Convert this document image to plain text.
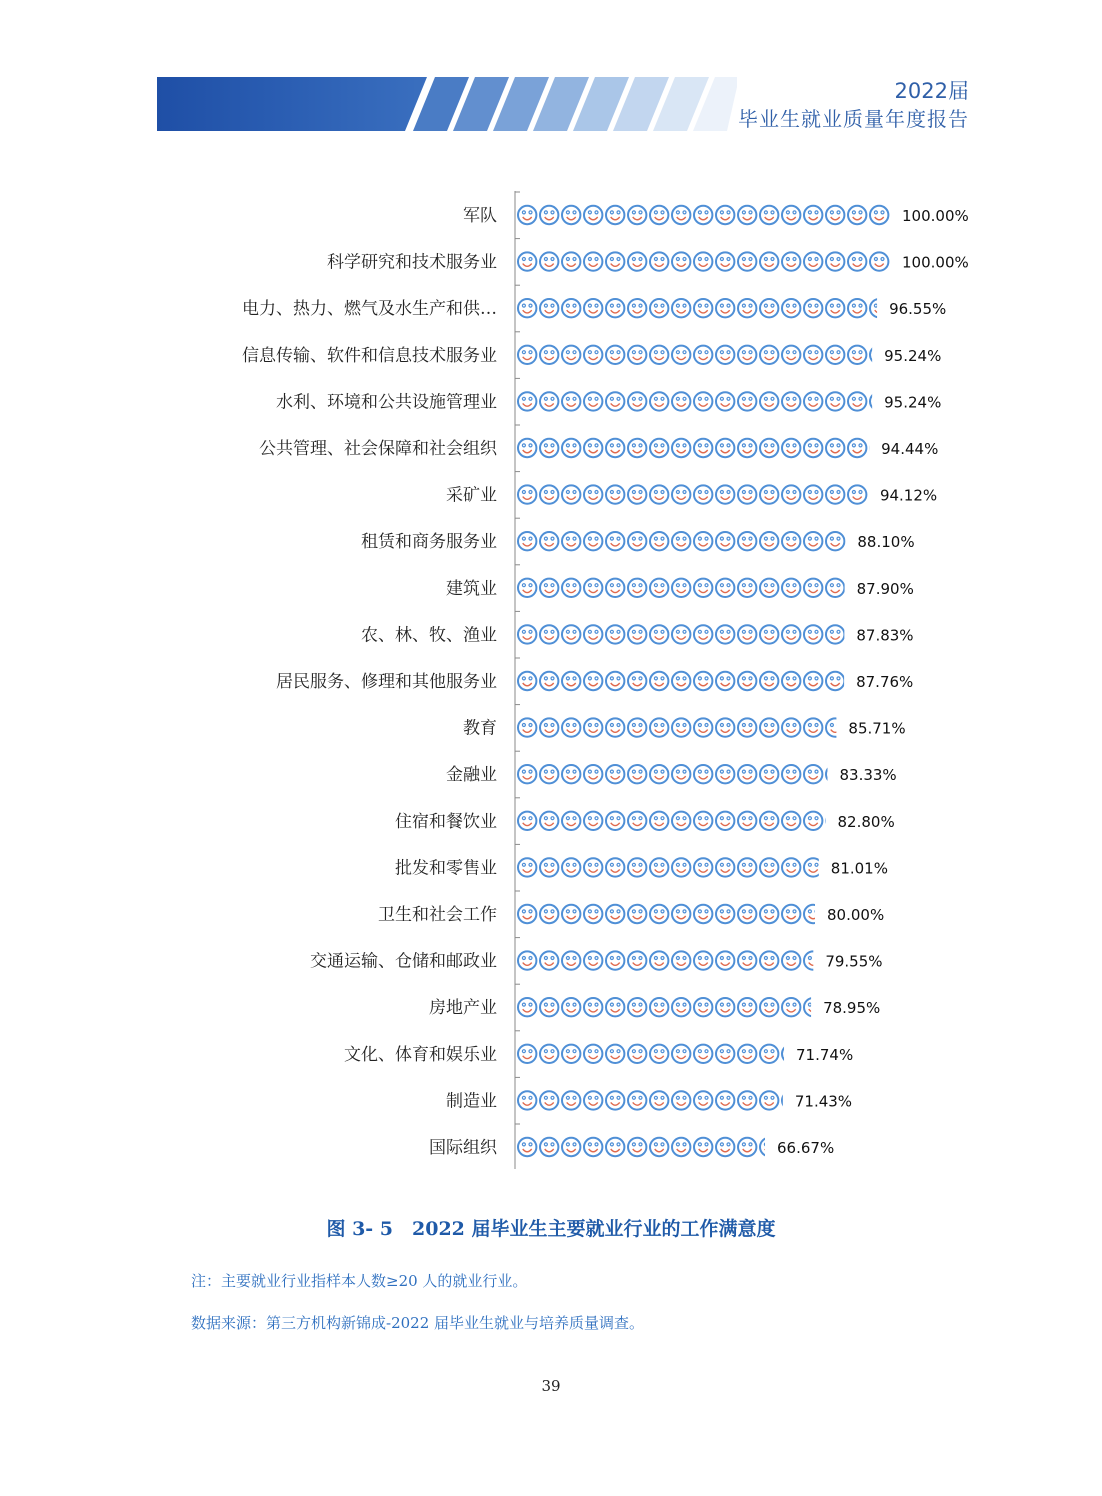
2022届
毕业生就业质量年度报告
军队	100.00%
科学研究和技术服务业	100.00%
电力、热力、燃气及水生产和供…	96.55%
信息传输、软件和信息技术服务业	95.24%
水利、环境和公共设施管理业	95.24%
公共管理、社会保障和社会组织	94.44%
采矿业	94.12%
租赁和商务服务业	88.10%
建筑业	87.90%
农、林、牧、渔业	87.83%
居民服务、修理和其他服务业	87.76%
教育	85.71%
金融业	83.33%
住宿和餐饮业	82.80%
批发和零售业	81.01%
卫生和社会工作	80.00%
交通运输、仓储和邮政业	79.55%
房地产业	78.95%
文化、体育和娱乐业	71.74%
制造业	71.43%
国际组织	66.67%
图 3- 5　2022 届毕业生主要就业行业的工作满意度
注：主要就业行业指样本人数≥20 人的就业行业。
数据来源：第三方机构新锦成-2022 届毕业生就业与培养质量调查。
39
